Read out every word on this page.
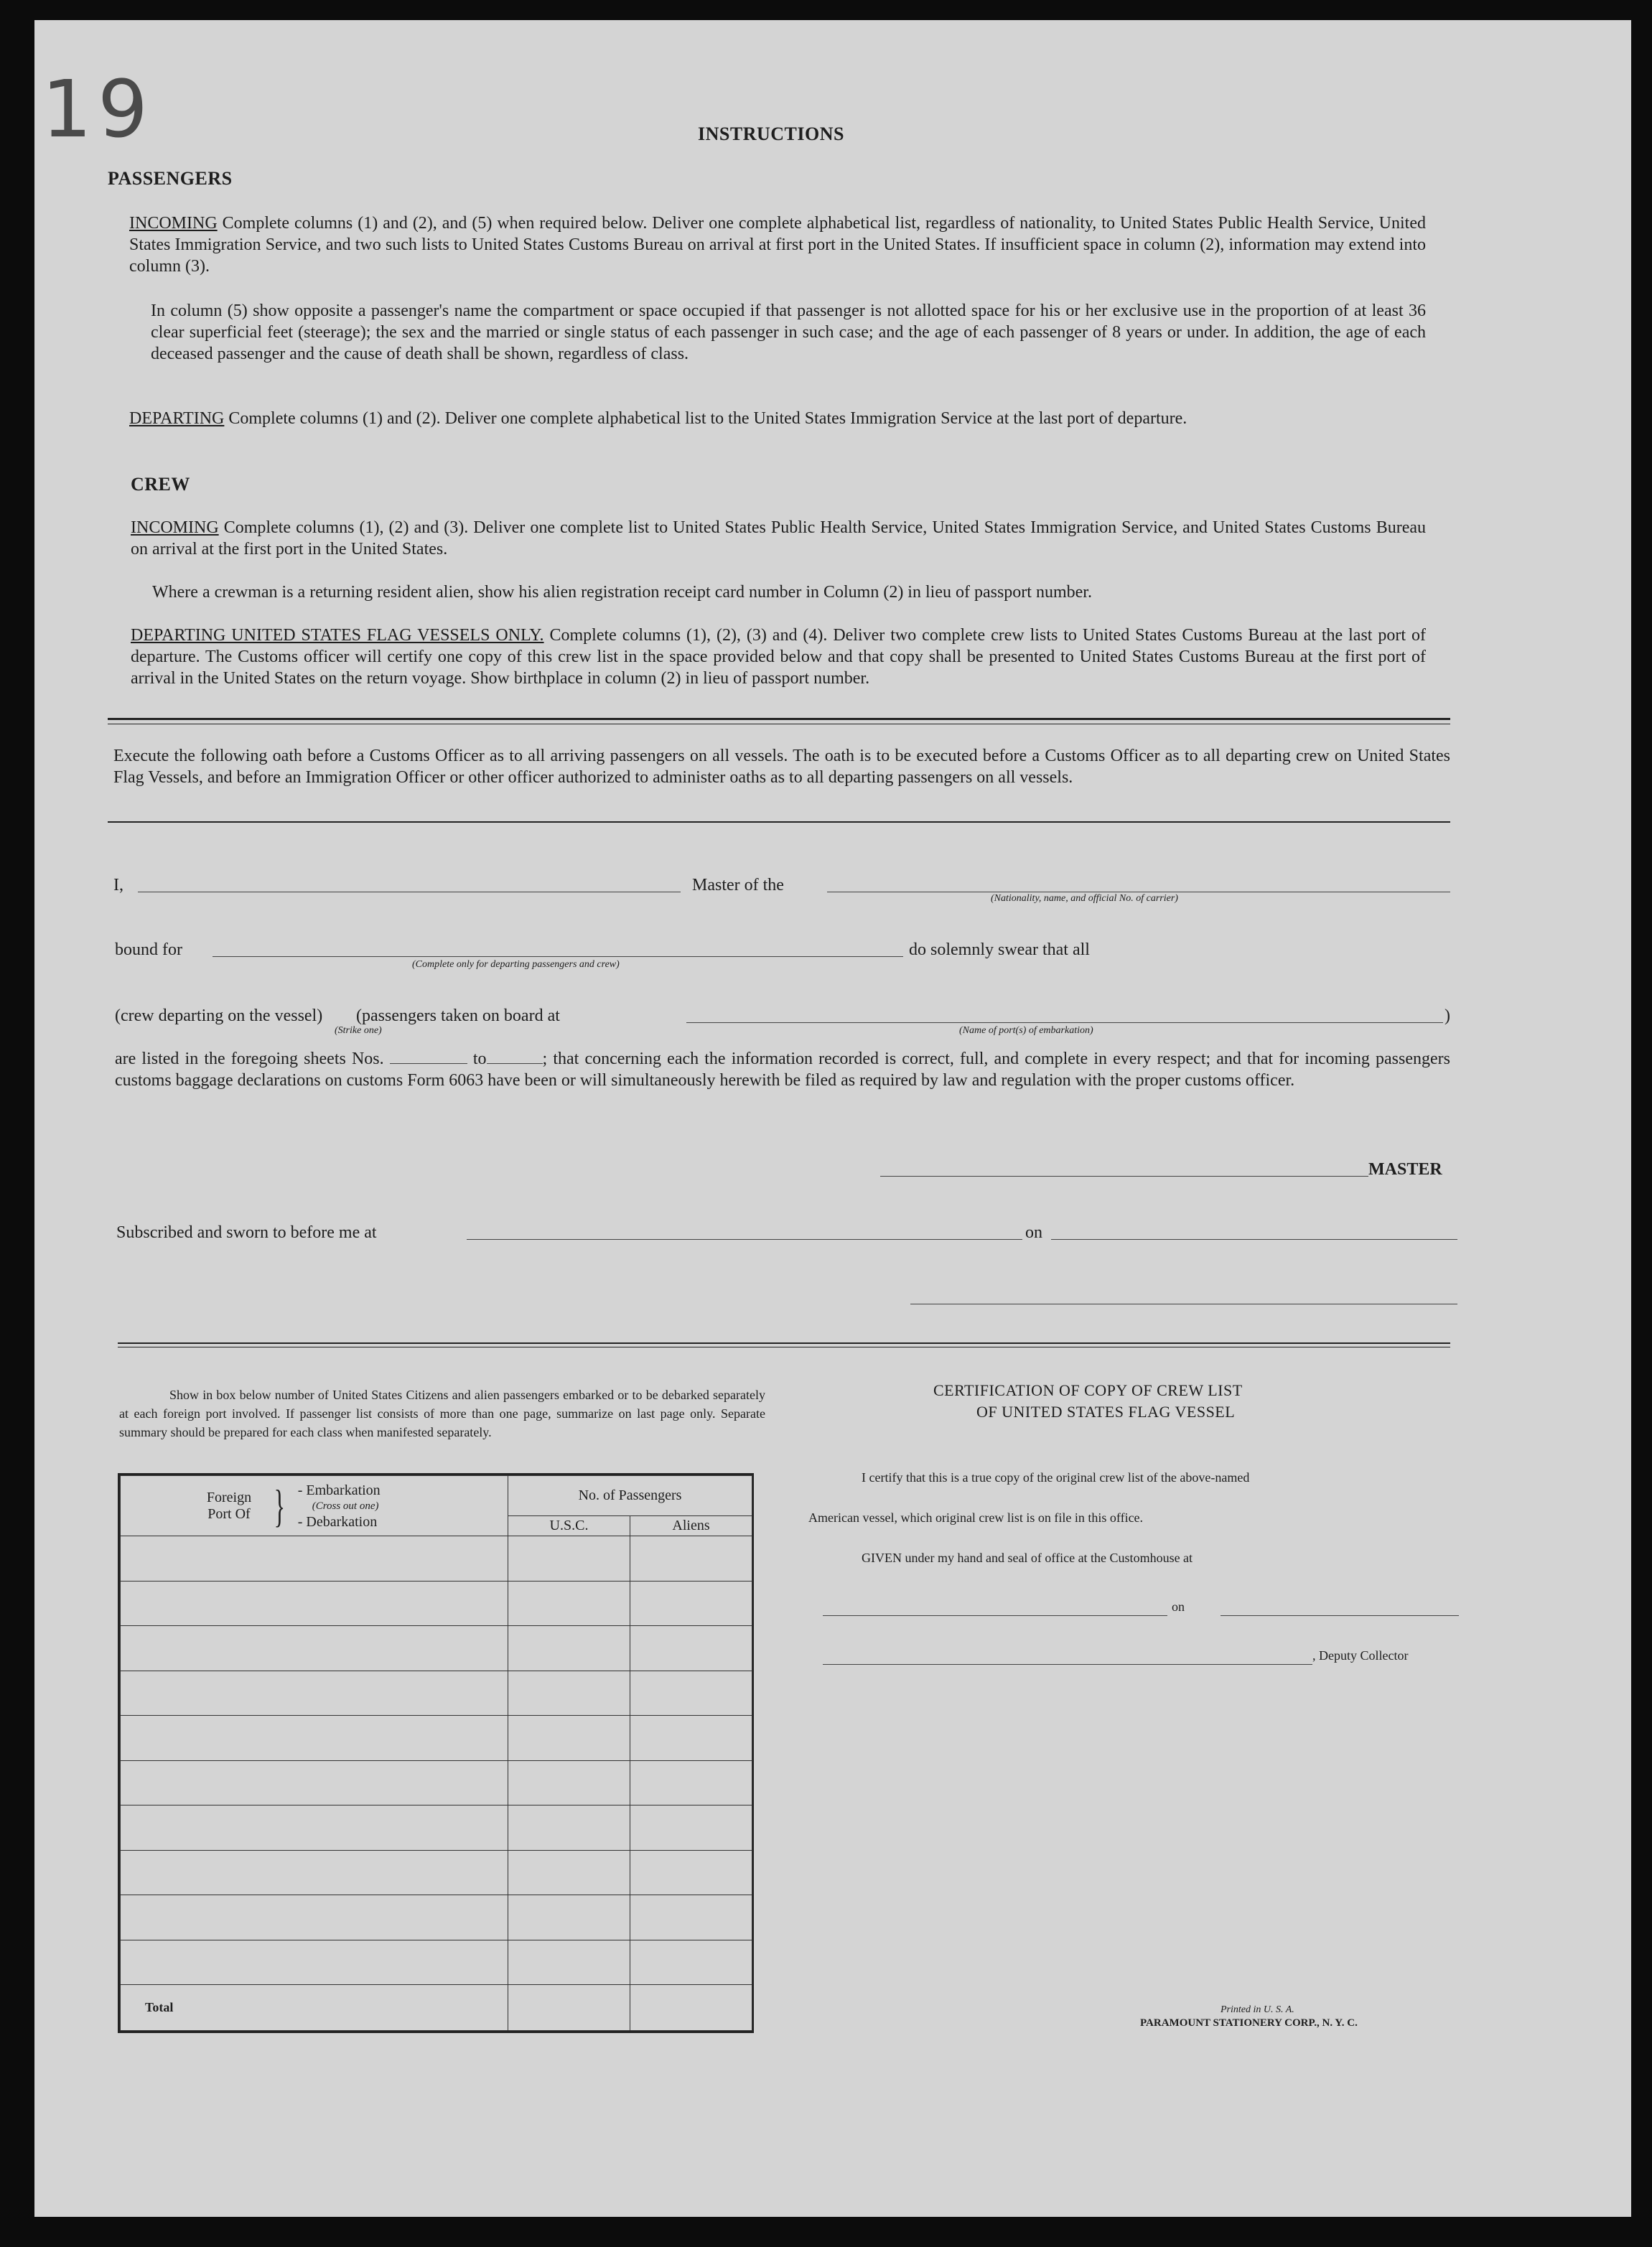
19	INSTRUCTIONS
PASSENGERS
INCOMING Complete columns (1) and (2), and (5) when required below. Deliver one complete alphabetical list, regardless of nationality, to United States Public Health Service, United States Immigration Service, and two such lists to United States Customs Bureau on arrival at first port in the United States. If insufficient space in column (2), information may extend into column (3).
In column (5) show opposite a passenger's name the compartment or space occupied if that passenger is not allotted space for his or her exclusive use in the proportion of at least 36 clear superficial feet (steerage); the sex and the married or single status of each passenger in such case; and the age of each passenger of 8 years or under. In addition, the age of each deceased passenger and the cause of death shall be shown, regardless of class.
DEPARTING Complete columns (1) and (2). Deliver one complete alphabetical list to the United States Immigration Service at the last port of departure.
CREW
INCOMING Complete columns (1), (2) and (3). Deliver one complete list to United States Public Health Service, United States Immigration Service, and United States Customs Bureau on arrival at the first port in the United States.
Where a crewman is a returning resident alien, show his alien registration receipt card number in Column (2) in lieu of passport number.
DEPARTING UNITED STATES FLAG VESSELS ONLY. Complete columns (1), (2), (3) and (4). Deliver two complete crew lists to United States Customs Bureau at the last port of departure. The Customs officer will certify one copy of this crew list in the space provided below and that copy shall be presented to United States Customs Bureau at the first port of arrival in the United States on the return voyage. Show birthplace in column (2) in lieu of passport number.
Execute the following oath before a Customs Officer as to all arriving passengers on all vessels. The oath is to be executed before a Customs Officer as to all departing crew on United States Flag Vessels, and before an Immigration Officer or other officer authorized to administer oaths as to all departing passengers on all vessels.
I,	Master of the
(Nationality, name, and official No. of carrier)
bound for
(Complete only for departing passengers and crew)
do solemnly swear that all
(crew departing on the vessel) (passengers taken on board at
(Strike one)	(Name of port(s) of embarkation)
)
are listed in the foregoing sheets Nos.	to	; that concerning each the information recorded is correct, full, and complete in every respect; and that for incoming passengers customs baggage declarations on customs Form 6063 have been or will simultaneously herewith be filed as required by law and regulation with the proper customs officer.
MASTER
Subscribed and sworn to before me at	on
Show in box below number of United States Citizens and alien passengers embarked or to be debarked separately at each foreign port involved. If passenger list consists of more than one page, summarize on last page only. Separate summary should be prepared for each class when manifested separately.
Foreign Port Of } - Embarkation
(Cross out one)
- Debarkation	No. of Passengers	
	U.S.C.	Aliens

Total		
CERTIFICATION OF COPY OF CREW LIST
OF UNITED STATES FLAG VESSEL
I certify that this is a true copy of the original crew list of the above-named
American vessel, which original crew list is on file in this office.
GIVEN under my hand and seal of office at the Customhouse at
on
, Deputy Collector
Printed in U. S. A.
PARAMOUNT STATIONERY CORP., N. Y. C.
